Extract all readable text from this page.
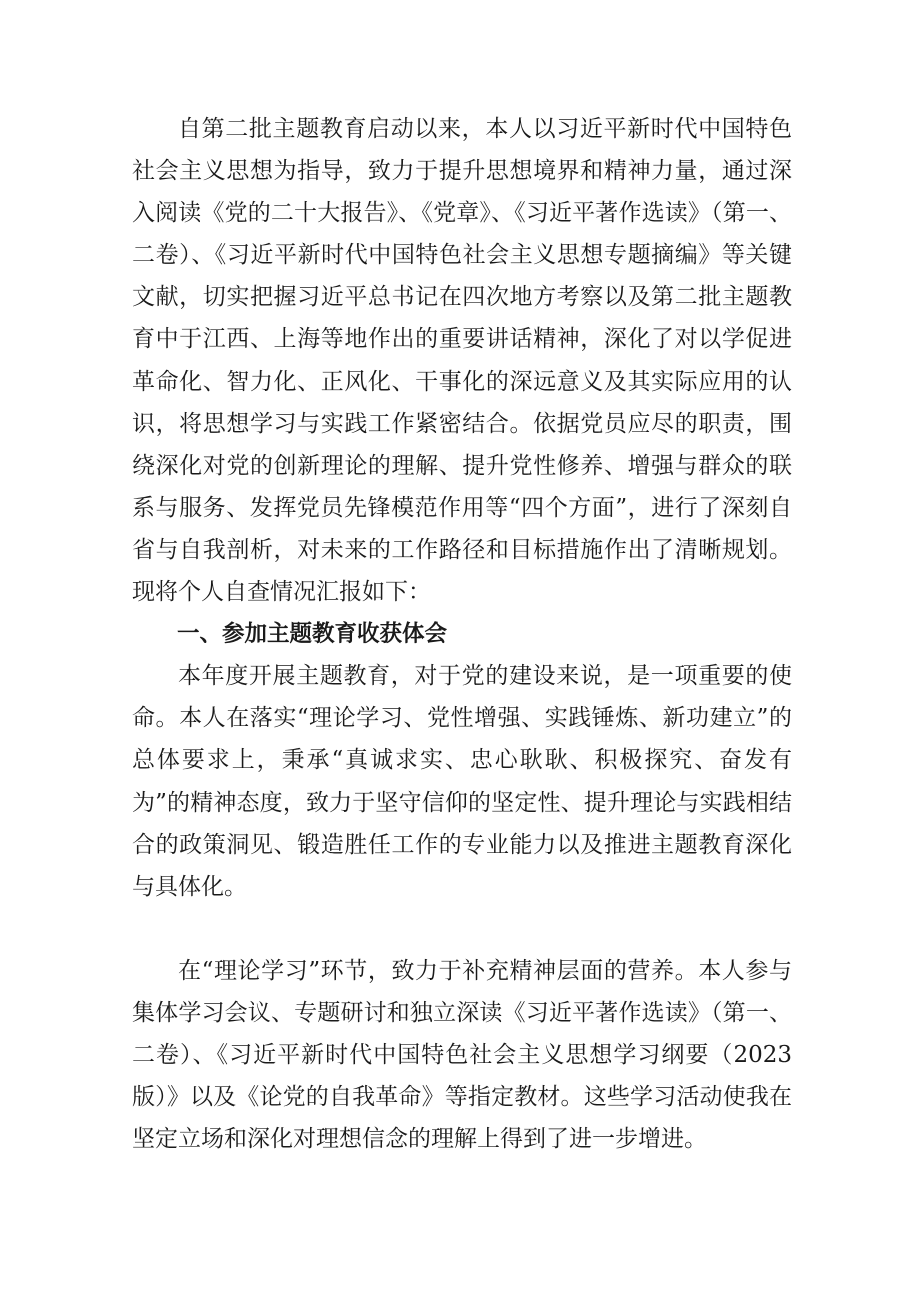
自第二批主题教育启动以来，本人以习近平新时代中国特色社会主义思想为指导，致力于提升思想境界和精神力量，通过深入阅读《党的二十大报告》、《党章》、《习近平著作选读》（第一、二卷）、《习近平新时代中国特色社会主义思想专题摘编》等关键文献，切实把握习近平总书记在四次地方考察以及第二批主题教育中于江西、上海等地作出的重要讲话精神，深化了对以学促进革命化、智力化、正风化、干事化的深远意义及其实际应用的认识，将思想学习与实践工作紧密结合。依据党员应尽的职责，围绕深化对党的创新理论的理解、提升党性修养、增强与群众的联系与服务、发挥党员先锋模范作用等“四个方面”，进行了深刻自省与自我剖析，对未来的工作路径和目标措施作出了清晰规划。现将个人自查情况汇报如下：

一、参加主题教育收获体会

本年度开展主题教育，对于党的建设来说，是一项重要的使命。本人在落实“理论学习、党性增强、实践锤炼、新功建立”的总体要求上，秉承“真诚求实、忠心耿耿、积极探究、奋发有为”的精神态度，致力于坚守信仰的坚定性、提升理论与实践相结合的政策洞见、锻造胜任工作的专业能力以及推进主题教育深化与具体化。

在“理论学习”环节，致力于补充精神层面的营养。本人参与集体学习会议、专题研讨和独立深读《习近平著作选读》（第一、二卷）、《习近平新时代中国特色社会主义思想学习纲要（2023版）》以及《论党的自我革命》等指定教材。这些学习活动使我在坚定立场和深化对理想信念的理解上得到了进一步增进。
